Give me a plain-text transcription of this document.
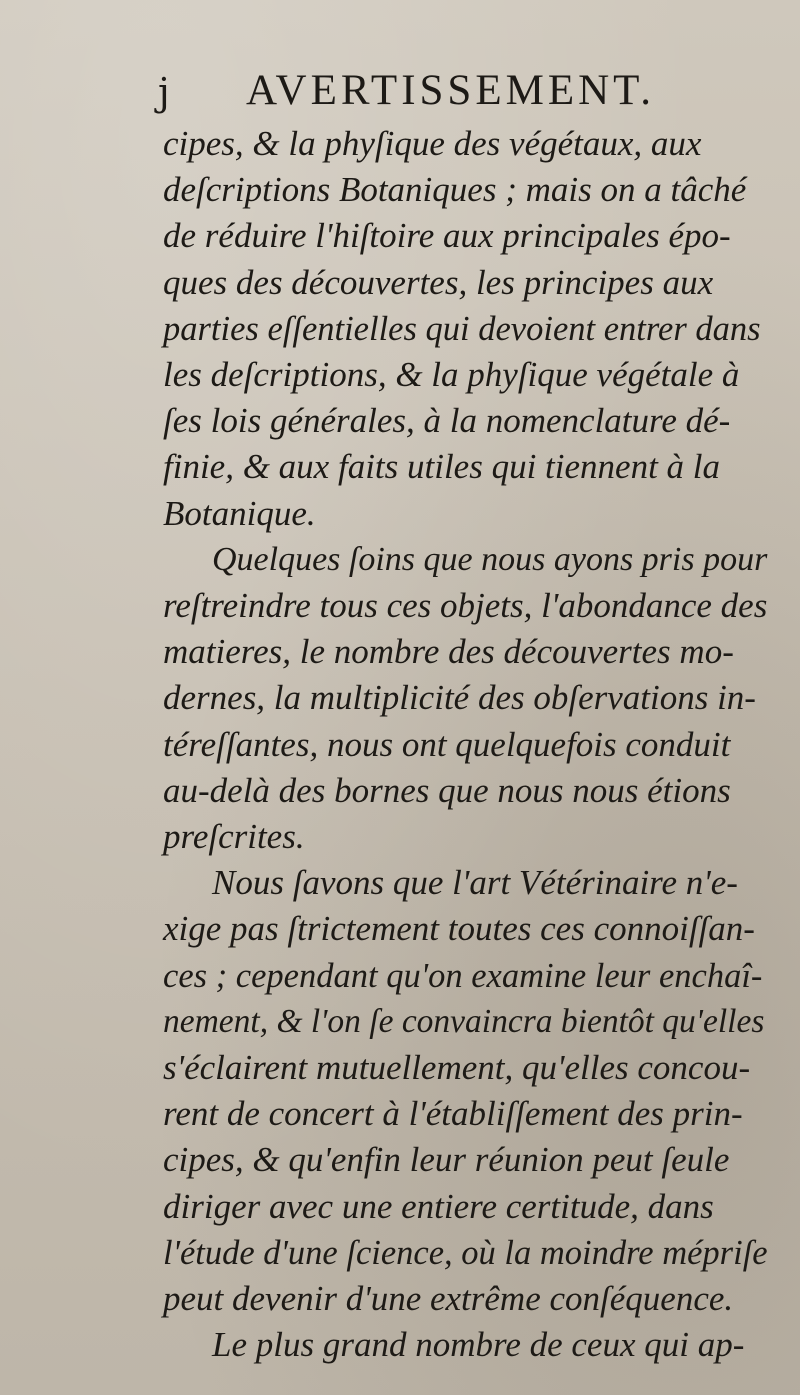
j AVERTISSEMENT.
cipes, & la phyſique des végétaux, aux
deſcriptions Botaniques ; mais on a tâché
de réduire l'hiſtoire aux principales épo-
ques des découvertes, les principes aux
parties eſſentielles qui devoient entrer dans
les deſcriptions, & la phyſique végétale à
ſes lois générales, à la nomenclature dé-
finie, & aux faits utiles qui tiennent à la
Botanique.
Quelques ſoins que nous ayons pris pour
reſtreindre tous ces objets, l'abondance des
matieres, le nombre des découvertes mo-
dernes, la multiplicité des obſervations in-
téreſſantes, nous ont quelquefois conduit
au-delà des bornes que nous nous étions
preſcrites.
Nous ſavons que l'art Vétérinaire n'e-
xige pas ſtrictement toutes ces connoiſſan-
ces ; cependant qu'on examine leur enchaî-
nement, & l'on ſe convaincra bientôt qu'elles
s'éclairent mutuellement, qu'elles concou-
rent de concert à l'établiſſement des prin-
cipes, & qu'enfin leur réunion peut ſeule
diriger avec une entiere certitude, dans
l'étude d'une ſcience, où la moindre mépriſe
peut devenir d'une extrême conſéquence.
Le plus grand nombre de ceux qui ap-
